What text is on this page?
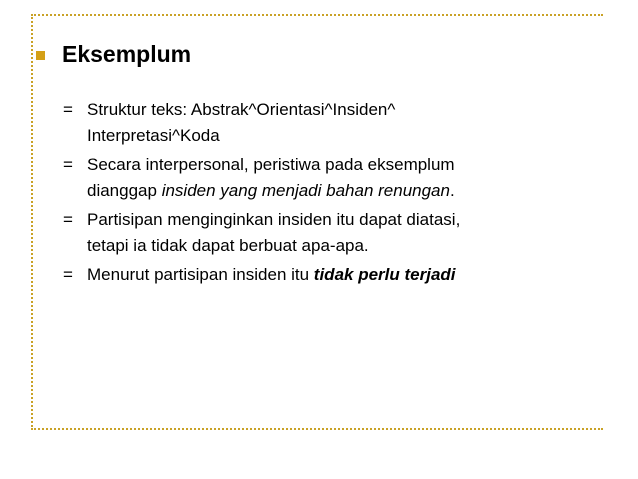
Eksemplum
= Struktur teks: Abstrak^Orientasi^Insiden^
Interpretasi^Koda
= Secara interpersonal, peristiwa pada eksemplum
dianggap insiden yang menjadi bahan renungan.
= Partisipan menginginkan insiden itu dapat diatasi,
tetapi ia tidak dapat berbuat apa-apa.
= Menurut partisipan insiden itu tidak perlu terjadi
